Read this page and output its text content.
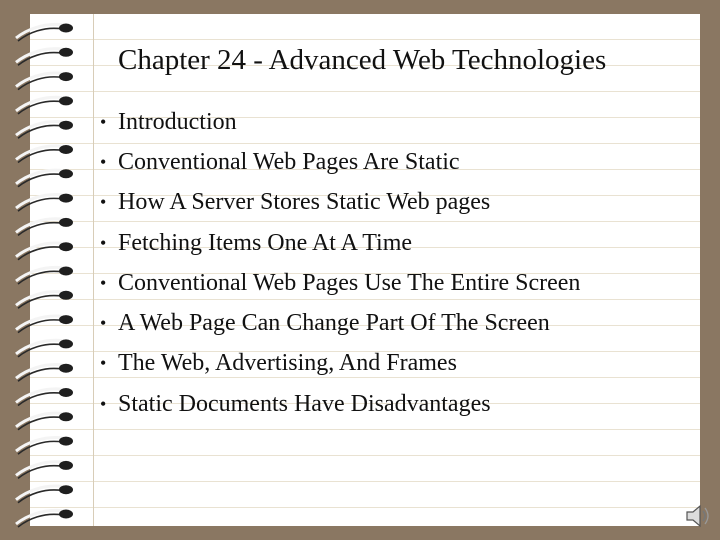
Chapter 24 - Advanced Web Technologies
• Introduction
• Conventional Web Pages Are Static
• How A Server Stores Static Web pages
• Fetching Items One At A Time
• Conventional Web Pages Use The Entire Screen
• A Web Page Can Change Part Of The Screen
• The Web, Advertising, And Frames
• Static Documents Have Disadvantages
